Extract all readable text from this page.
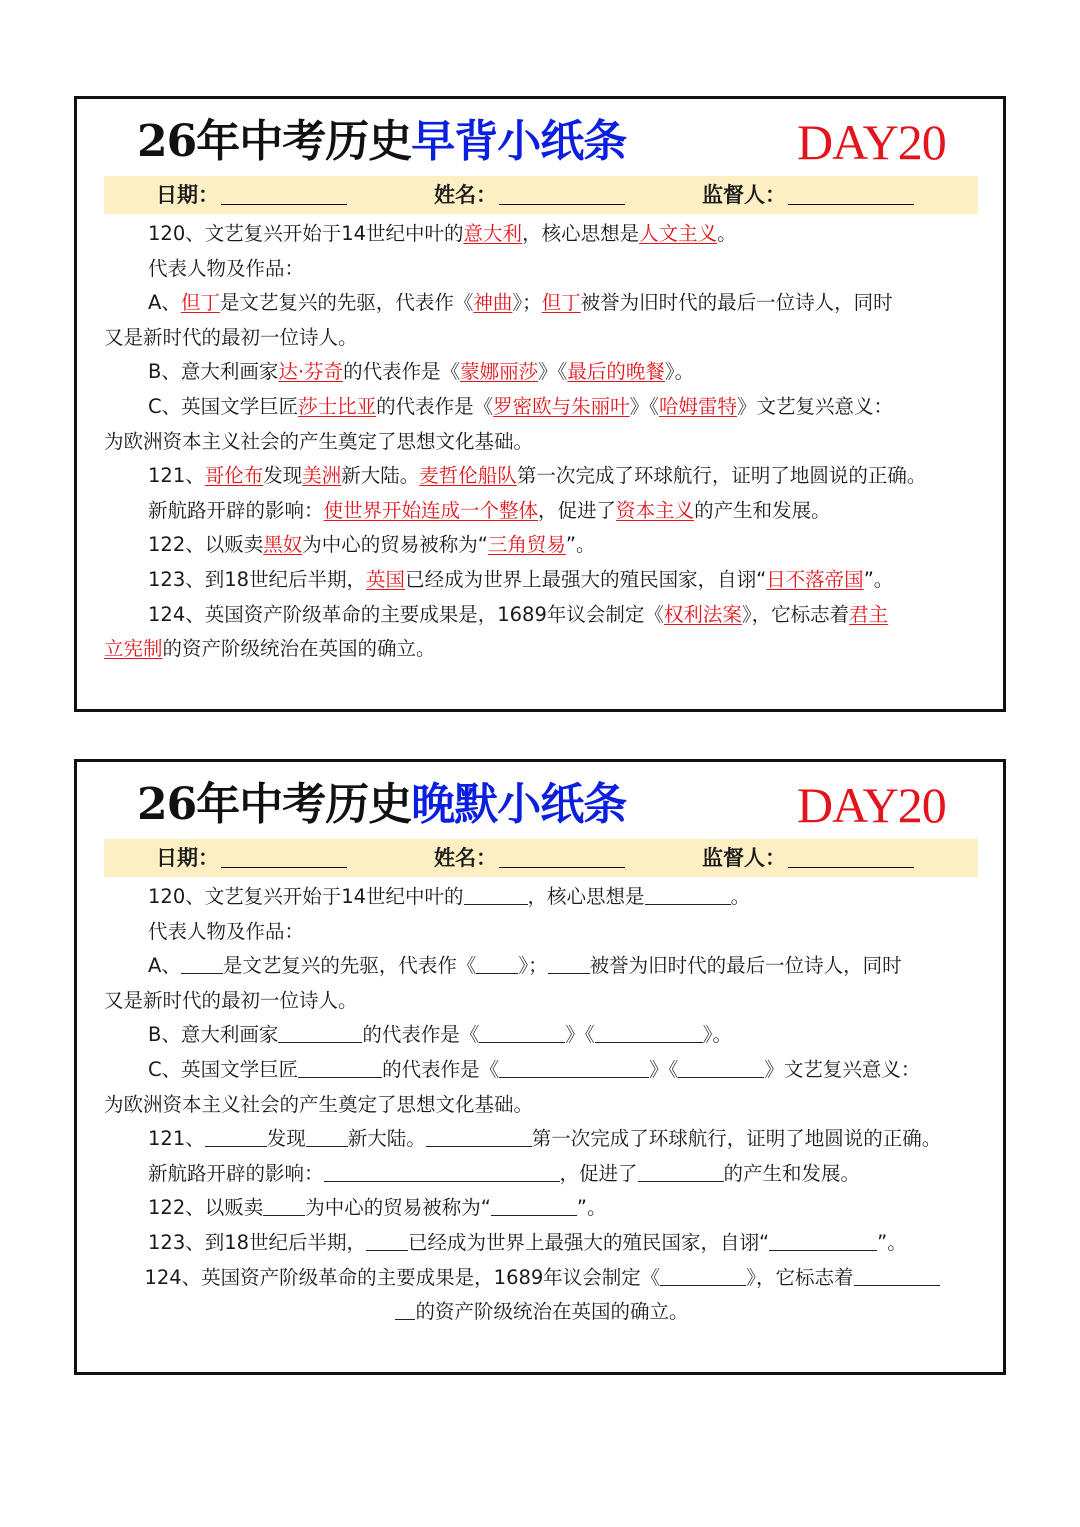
26年中考历史早背小纸条	DAY20
日期：	姓名：	监督人：
120、文艺复兴开始于14世纪中叶的意大利，核心思想是人文主义。
代表人物及作品：
A、但丁是文艺复兴的先驱，代表作《神曲》；但丁被誉为旧时代的最后一位诗人，同时
又是新时代的最初一位诗人。
B、意大利画家达·芬奇的代表作是《蒙娜丽莎》《最后的晚餐》。
C、英国文学巨匠莎士比亚的代表作是《罗密欧与朱丽叶》《哈姆雷特》文艺复兴意义：
为欧洲资本主义社会的产生奠定了思想文化基础。
121、哥伦布发现美洲新大陆。麦哲伦船队第一次完成了环球航行，证明了地圆说的正确。
新航路开辟的影响：使世界开始连成一个整体，促进了资本主义的产生和发展。
122、以贩卖黑奴为中心的贸易被称为“三角贸易”。
123、到18世纪后半期，英国已经成为世界上最强大的殖民国家，自诩“日不落帝国”。
124、英国资产阶级革命的主要成果是，1689年议会制定《权利法案》，它标志着君主
立宪制的资产阶级统治在英国的确立。
26年中考历史晚默小纸条	DAY20
日期：	姓名：	监督人：
120、文艺复兴开始于14世纪中叶的	，核心思想是	。
代表人物及作品：
A、 是文艺复兴的先驱，代表作《 》； 被誉为旧时代的最后一位诗人，同时
又是新时代的最初一位诗人。
B、意大利画家	的代表作是《	》《	》。
C、英国文学巨匠	的代表作是《	》《	》文艺复兴意义：
为欧洲资本主义社会的产生奠定了思想文化基础。
121、	发现 新大陆。	第一次完成了环球航行，证明了地圆说的正确。
新航路开辟的影响：	，促进了	的产生和发展。
122、以贩卖 为中心的贸易被称为“	”。
123、到18世纪后半期， 已经成为世界上最强大的殖民国家，自诩“	”。
124、英国资产阶级革命的主要成果是，1689年议会制定《	》，它标志着
的资产阶级统治在英国的确立。
